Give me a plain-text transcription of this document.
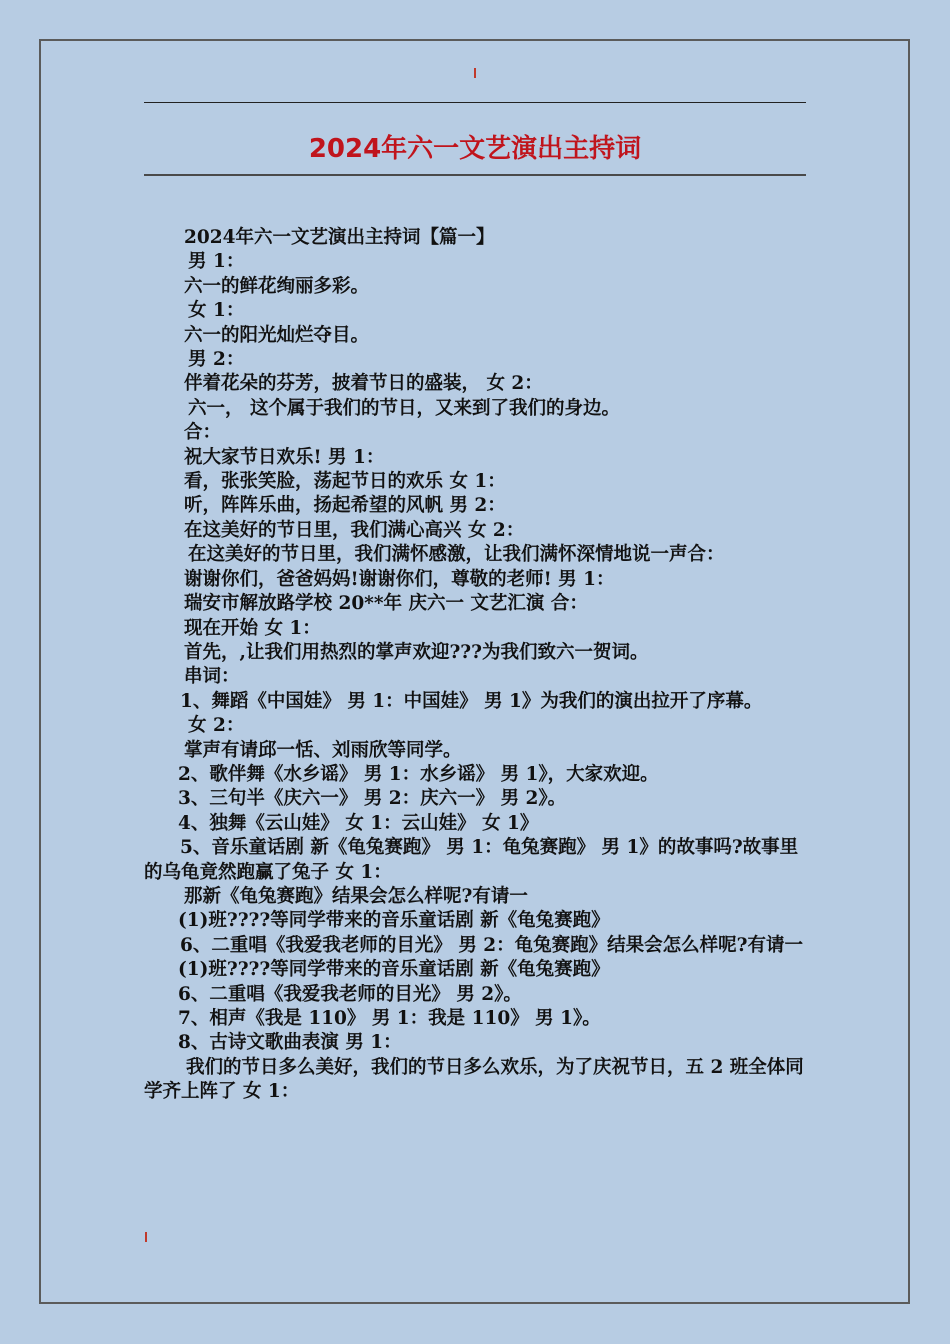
2024年六一文艺演出主持词

2024年六一文艺演出主持词【篇一】

男 1：

六一的鲜花绚丽多彩。

女 1：

六一的阳光灿烂夺目。

男 2：

伴着花朵的芬芳，披着节日的盛装， 女 2：

六一， 这个属于我们的节日，又来到了我们的身边。

合：

祝大家节日欢乐! 男 1：

看，张张笑脸，荡起节日的欢乐 女 1：

听，阵阵乐曲，扬起希望的风帆 男 2：

在这美好的节日里，我们满心高兴 女 2：

在这美好的节日里，我们满怀感激，让我们满怀深情地说一声合：

谢谢你们，爸爸妈妈!谢谢你们，尊敬的老师! 男 1：

瑞安市解放路学校 20**年 庆六一 文艺汇演 合：

现在开始 女 1：

首先，,让我们用热烈的掌声欢迎???为我们致六一贺词。

串词：

1、舞蹈《中国娃》 男 1：中国娃》 男 1》为我们的演出拉开了序幕。

女 2：

掌声有请邱一恬、刘雨欣等同学。

2、歌伴舞《水乡谣》 男 1：水乡谣》 男 1》，大家欢迎。

3、三句半《庆六一》 男 2：庆六一》 男 2》。

4、独舞《云山娃》 女 1：云山娃》 女 1》

5、音乐童话剧 新《龟兔赛跑》 男 1：龟兔赛跑》 男 1》的故事吗?故事里的乌龟竟然跑赢了兔子 女 1：

那新《龟兔赛跑》结果会怎么样呢?有请一

(1)班????等同学带来的音乐童话剧 新《龟兔赛跑》

6、二重唱《我爱我老师的目光》 男 2：龟兔赛跑》结果会怎么样呢?有请一

(1)班????等同学带来的音乐童话剧 新《龟兔赛跑》

6、二重唱《我爱我老师的目光》 男 2》。

7、相声《我是 110》 男 1：我是 110》 男 1》。

8、古诗文歌曲表演 男 1：

我们的节日多么美好，我们的节日多么欢乐，为了庆祝节日，五 2 班全体同学齐上阵了 女 1：
